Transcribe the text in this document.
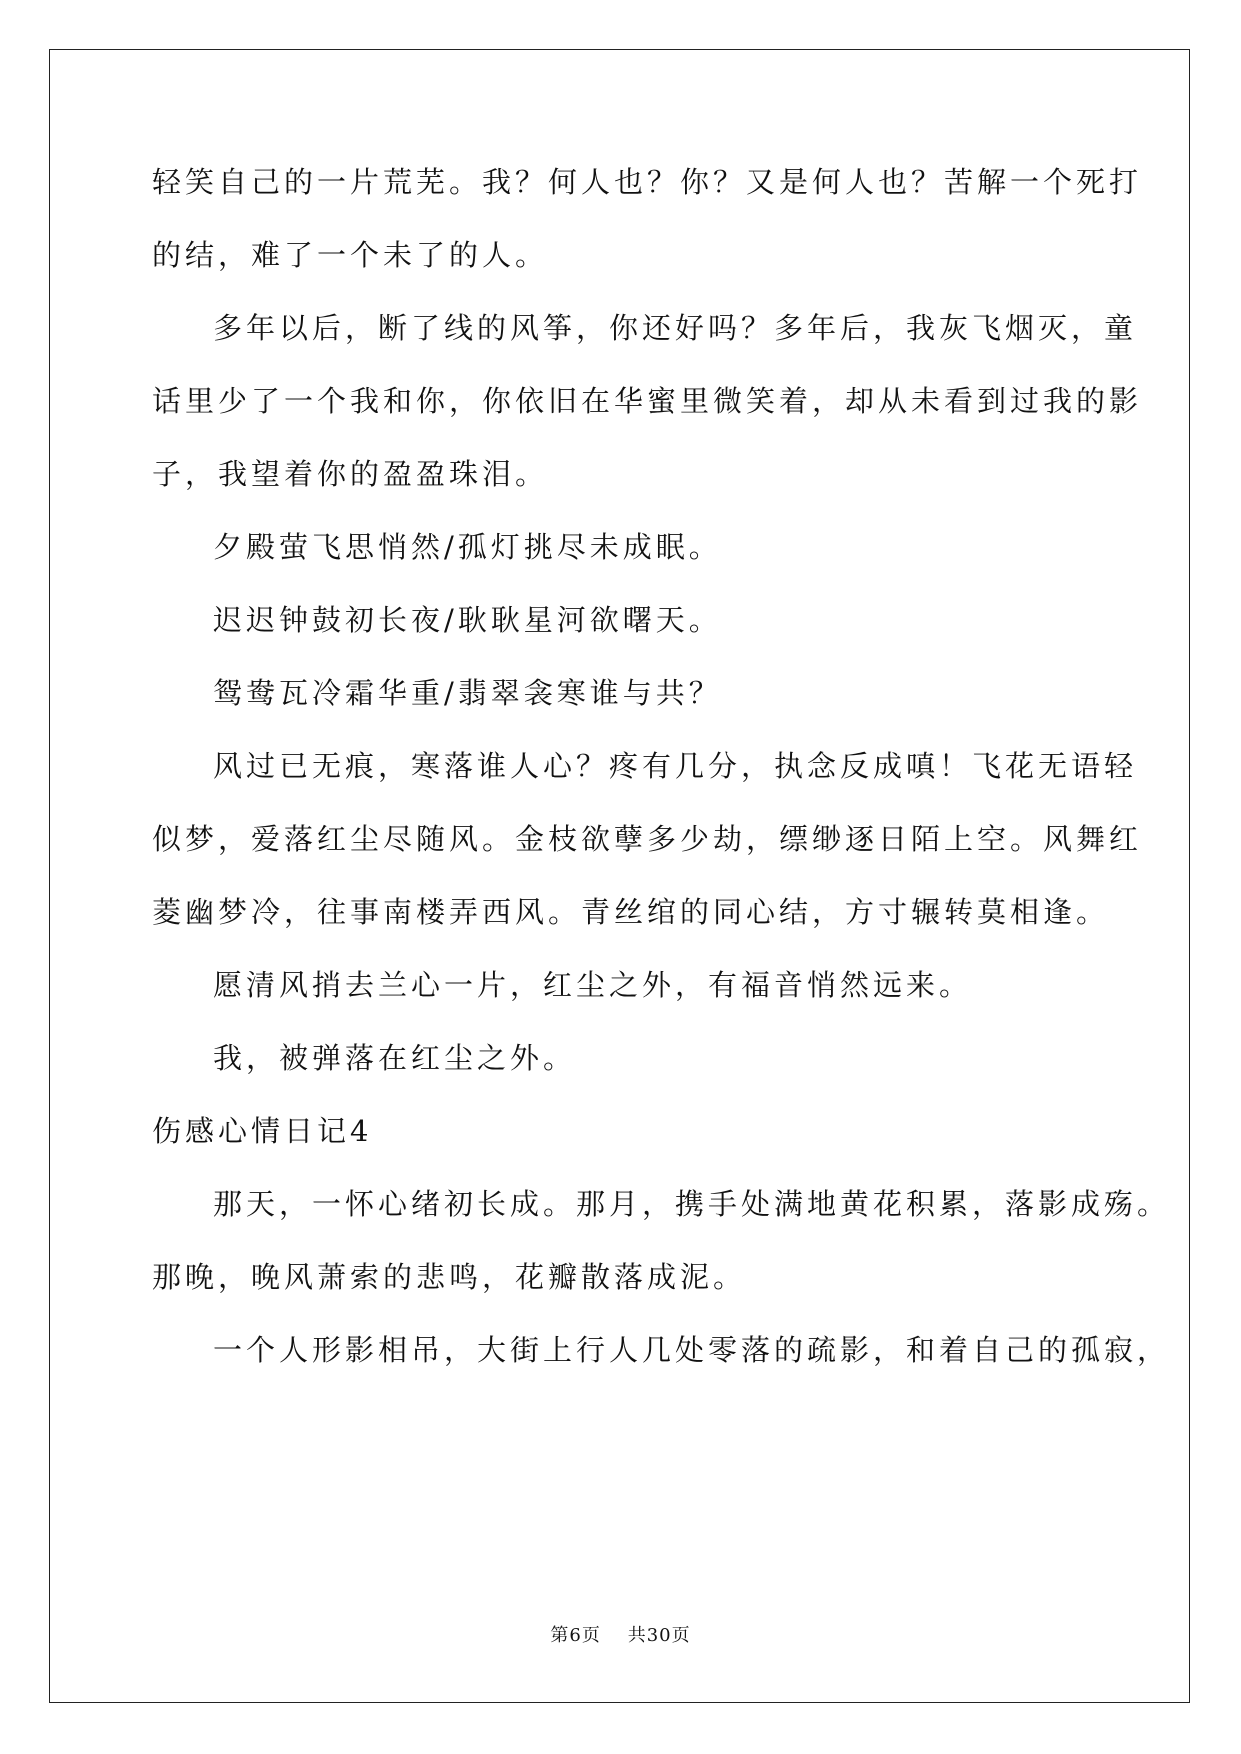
轻笑自己的一片荒芜。我？何人也？你？又是何人也？苦解一个死打
的结，难了一个未了的人。
多年以后，断了线的风筝，你还好吗？多年后，我灰飞烟灭，童
话里少了一个我和你，你依旧在华蜜里微笑着，却从未看到过我的影
子，我望着你的盈盈珠泪。
夕殿萤飞思悄然/孤灯挑尽未成眠。
迟迟钟鼓初长夜/耿耿星河欲曙天。
鸳鸯瓦冷霜华重/翡翠衾寒谁与共？
风过已无痕，寒落谁人心？疼有几分，执念反成嗔！飞花无语轻
似梦，爱落红尘尽随风。金枝欲孽多少劫，缥缈逐日陌上空。风舞红
菱幽梦冷，往事南楼弄西风。青丝绾的同心结，方寸辗转莫相逢。
愿清风捎去兰心一片，红尘之外，有福音悄然远来。
我，被弹落在红尘之外。
伤感心情日记4
那天，一怀心绪初长成。那月，携手处满地黄花积累，落影成殇。
那晚，晚风萧索的悲鸣，花瓣散落成泥。
一个人形影相吊，大街上行人几处零落的疏影，和着自己的孤寂，
第6页    共30页
